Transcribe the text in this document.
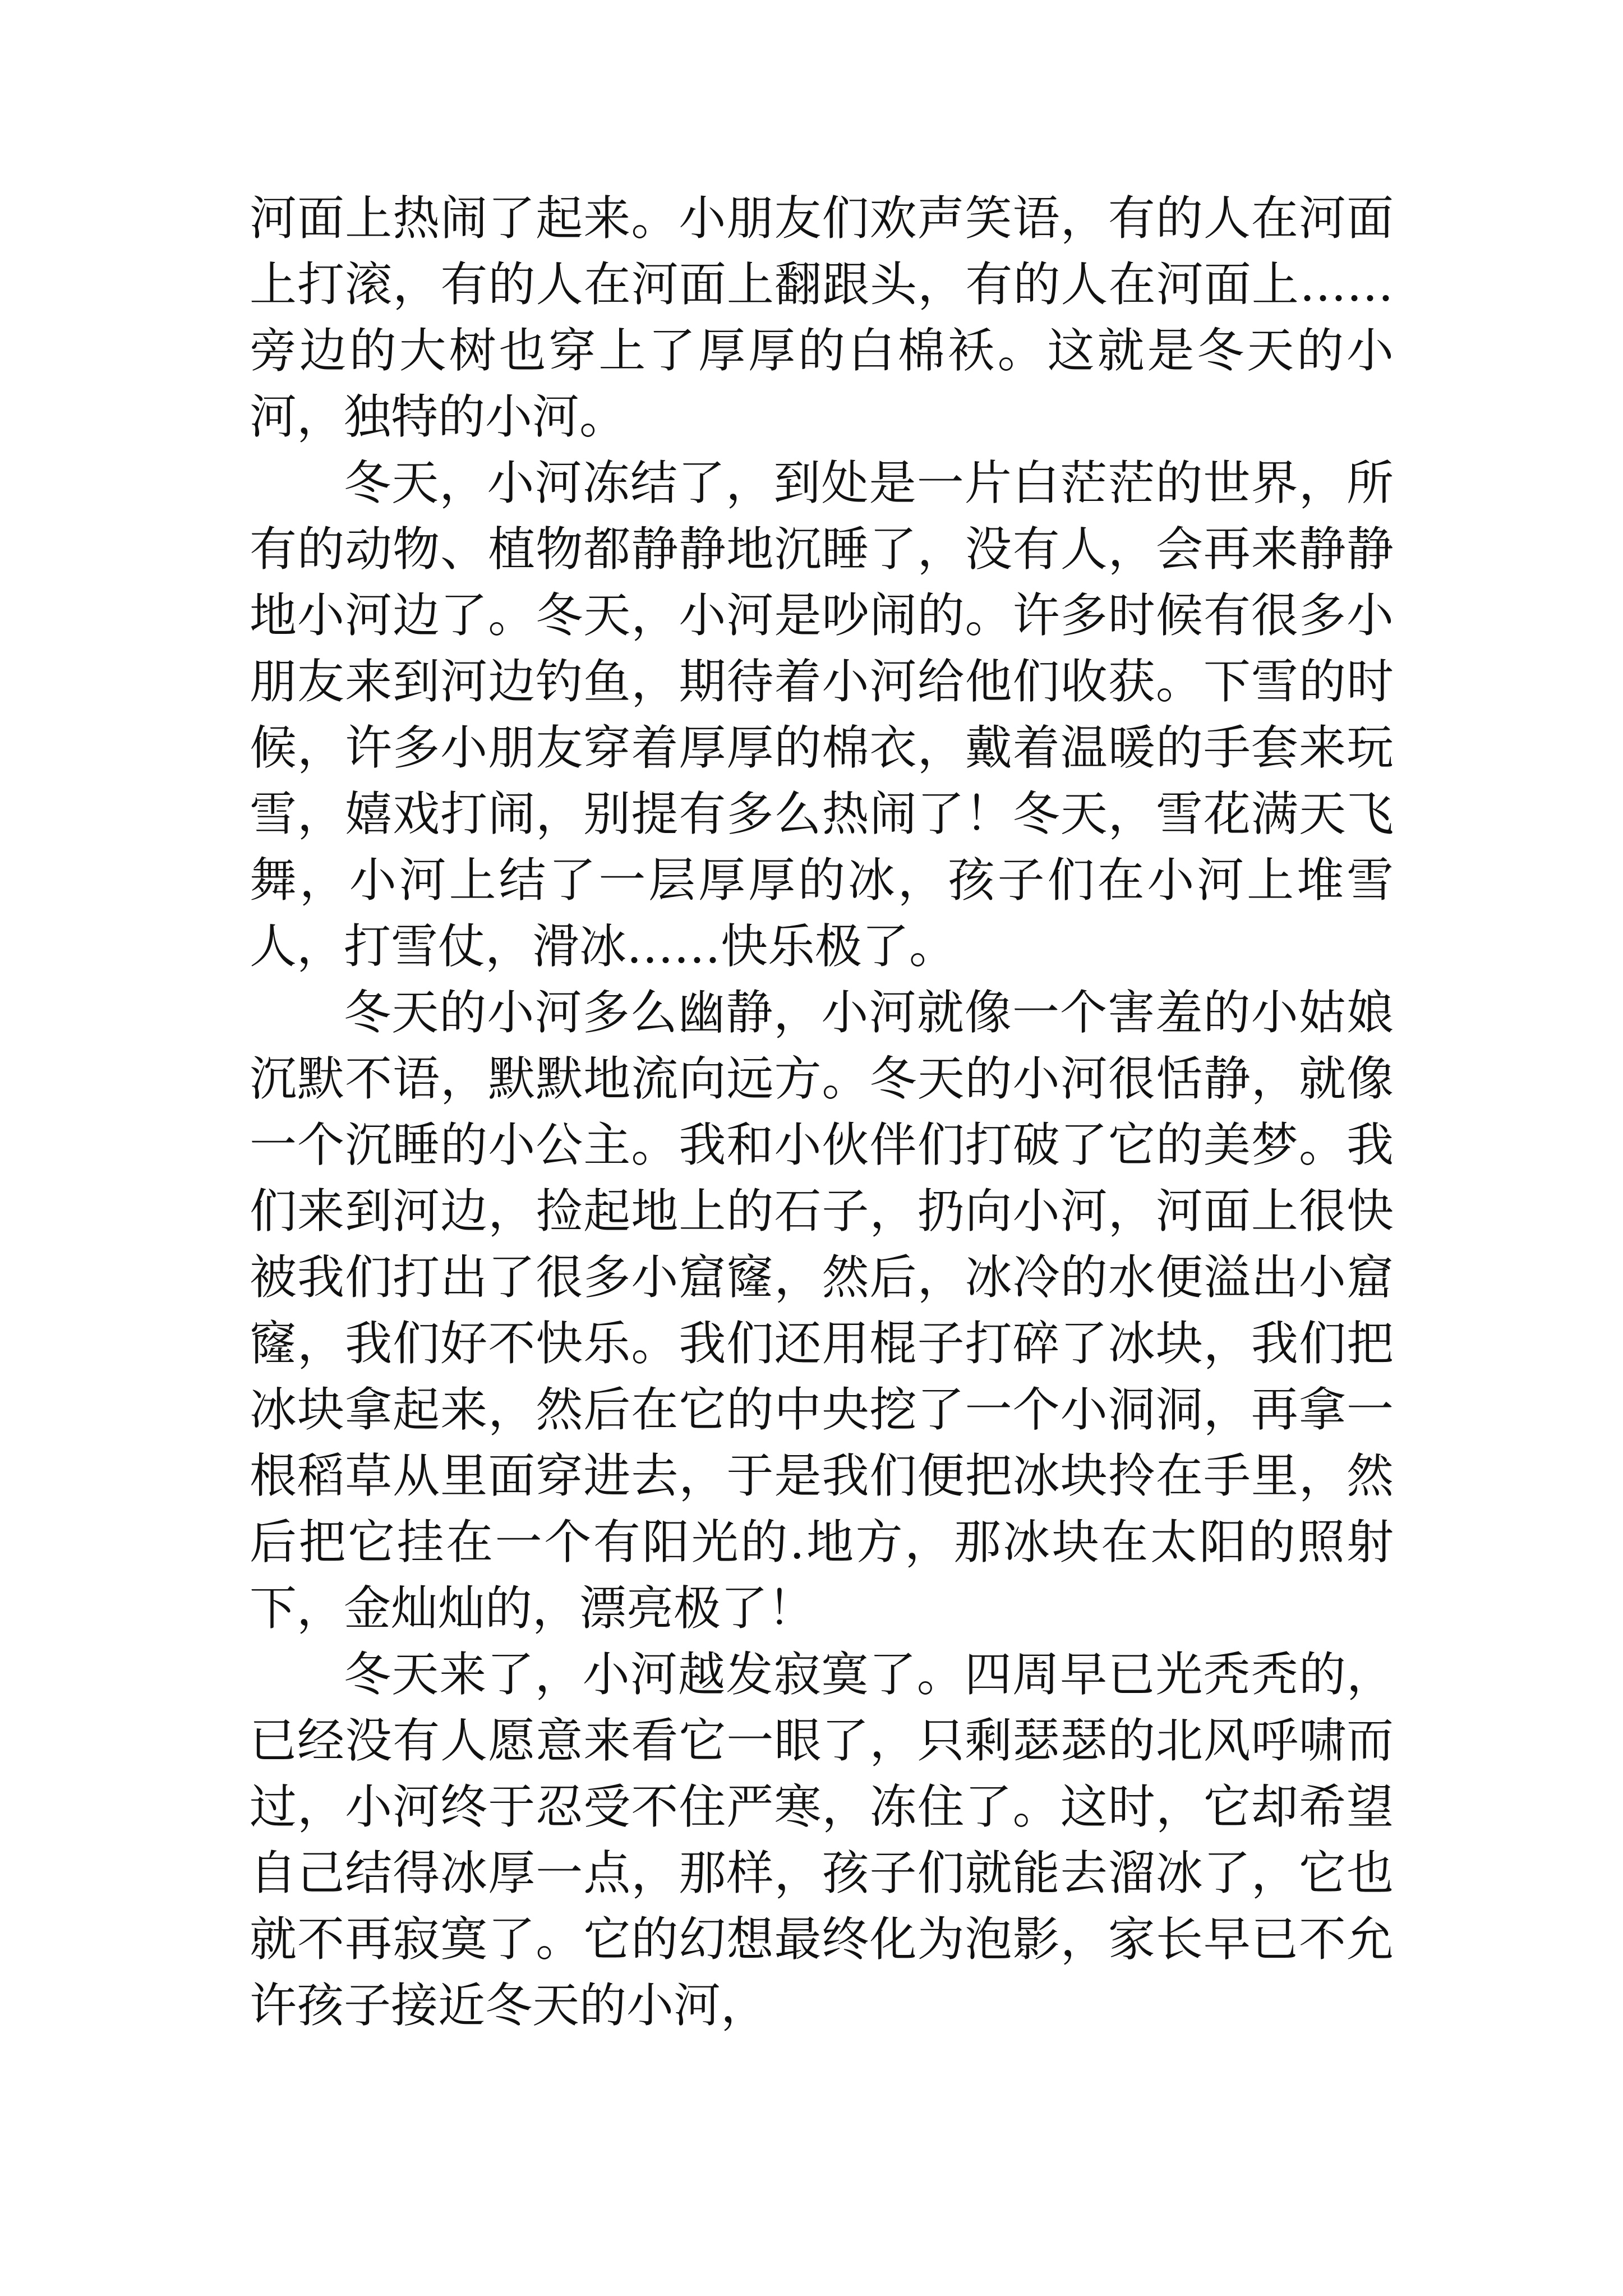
河面上热闹了起来。小朋友们欢声笑语，有的人在河面上打滚，有的人在河面上翻跟头，有的人在河面上……旁边的大树也穿上了厚厚的白棉袄。这就是冬天的小河，独特的小河。

冬天，小河冻结了，到处是一片白茫茫的世界，所有的动物、植物都静静地沉睡了，没有人，会再来静静地小河边了。冬天，小河是吵闹的。许多时候有很多小朋友来到河边钓鱼，期待着小河给他们收获。下雪的时候，许多小朋友穿着厚厚的棉衣，戴着温暖的手套来玩雪，嬉戏打闹，别提有多么热闹了！冬天，雪花满天飞舞，小河上结了一层厚厚的冰，孩子们在小河上堆雪人，打雪仗，滑冰……快乐极了。

冬天的小河多么幽静，小河就像一个害羞的小姑娘沉默不语，默默地流向远方。冬天的小河很恬静，就像一个沉睡的小公主。我和小伙伴们打破了它的美梦。我们来到河边，捡起地上的石子，扔向小河，河面上很快被我们打出了很多小窟窿，然后，冰冷的水便溢出小窟窿，我们好不快乐。我们还用棍子打碎了冰块，我们把冰块拿起来，然后在它的中央挖了一个小洞洞，再拿一根稻草从里面穿进去，于是我们便把冰块拎在手里，然后把它挂在一个有阳光的.地方，那冰块在太阳的照射下，金灿灿的，漂亮极了！

冬天来了，小河越发寂寞了。四周早已光秃秃的，已经没有人愿意来看它一眼了，只剩瑟瑟的北风呼啸而过，小河终于忍受不住严寒，冻住了。这时，它却希望自己结得冰厚一点，那样，孩子们就能去溜冰了，它也就不再寂寞了。它的幻想最终化为泡影，家长早已不允许孩子接近冬天的小河，
